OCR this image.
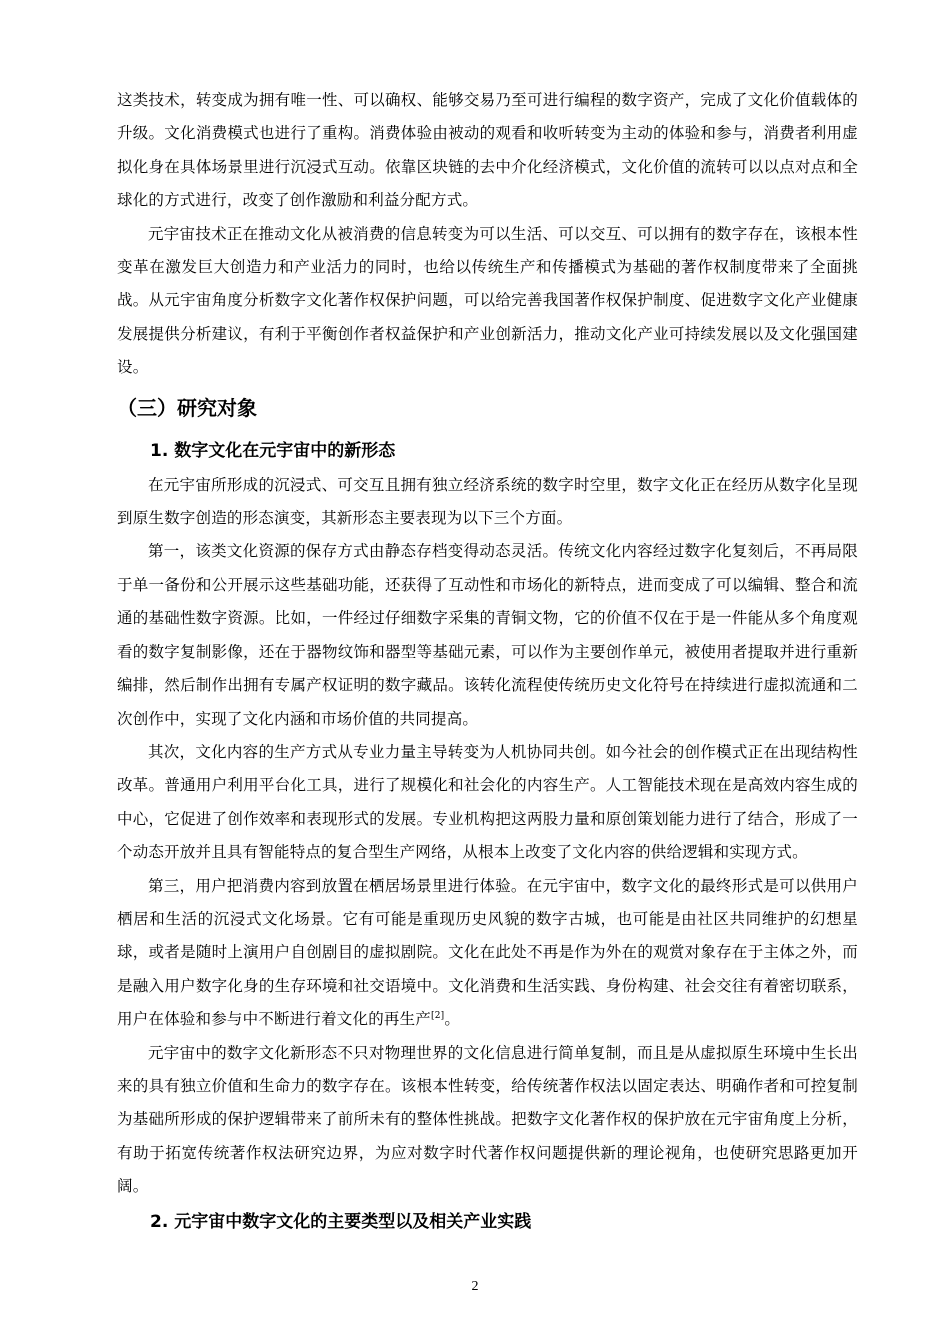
这类技术，转变成为拥有唯一性、可以确权、能够交易乃至可进行编程的数字资产，完成了文化价值载体的升级。文化消费模式也进行了重构。消费体验由被动的观看和收听转变为主动的体验和参与，消费者利用虚拟化身在具体场景里进行沉浸式互动。依靠区块链的去中介化经济模式，文化价值的流转可以以点对点和全球化的方式进行，改变了创作激励和利益分配方式。

元宇宙技术正在推动文化从被消费的信息转变为可以生活、可以交互、可以拥有的数字存在，该根本性变革在激发巨大创造力和产业活力的同时，也给以传统生产和传播模式为基础的著作权制度带来了全面挑战。从元宇宙角度分析数字文化著作权保护问题，可以给完善我国著作权保护制度、促进数字文化产业健康发展提供分析建议，有利于平衡创作者权益保护和产业创新活力，推动文化产业可持续发展以及文化强国建设。

（三）研究对象
1. 数字文化在元宇宙中的新形态

在元宇宙所形成的沉浸式、可交互且拥有独立经济系统的数字时空里，数字文化正在经历从数字化呈现到原生数字创造的形态演变，其新形态主要表现为以下三个方面。

第一，该类文化资源的保存方式由静态存档变得动态灵活。传统文化内容经过数字化复刻后，不再局限于单一备份和公开展示这些基础功能，还获得了互动性和市场化的新特点，进而变成了可以编辑、整合和流通的基础性数字资源。比如，一件经过仔细数字采集的青铜文物，它的价值不仅在于是一件能从多个角度观看的数字复制影像，还在于器物纹饰和器型等基础元素，可以作为主要创作单元，被使用者提取并进行重新编排，然后制作出拥有专属产权证明的数字藏品。该转化流程使传统历史文化符号在持续进行虚拟流通和二次创作中，实现了文化内涵和市场价值的共同提高。

其次，文化内容的生产方式从专业力量主导转变为人机协同共创。如今社会的创作模式正在出现结构性改革。普通用户利用平台化工具，进行了规模化和社会化的内容生产。人工智能技术现在是高效内容生成的中心，它促进了创作效率和表现形式的发展。专业机构把这两股力量和原创策划能力进行了结合，形成了一个动态开放并且具有智能特点的复合型生产网络，从根本上改变了文化内容的供给逻辑和实现方式。

第三，用户把消费内容到放置在栖居场景里进行体验。在元宇宙中，数字文化的最终形式是可以供用户栖居和生活的沉浸式文化场景。它有可能是重现历史风貌的数字古城，也可能是由社区共同维护的幻想星球，或者是随时上演用户自创剧目的虚拟剧院。文化在此处不再是作为外在的观赏对象存在于主体之外，而是融入用户数字化身的生存环境和社交语境中。文化消费和生活实践、身份构建、社会交往有着密切联系，用户在体验和参与中不断进行着文化的再生产[2]。

元宇宙中的数字文化新形态不只对物理世界的文化信息进行简单复制，而且是从虚拟原生环境中生长出来的具有独立价值和生命力的数字存在。该根本性转变，给传统著作权法以固定表达、明确作者和可控复制为基础所形成的保护逻辑带来了前所未有的整体性挑战。把数字文化著作权的保护放在元宇宙角度上分析，有助于拓宽传统著作权法研究边界，为应对数字时代著作权问题提供新的理论视角，也使研究思路更加开阔。

2. 元宇宙中数字文化的主要类型以及相关产业实践
2
